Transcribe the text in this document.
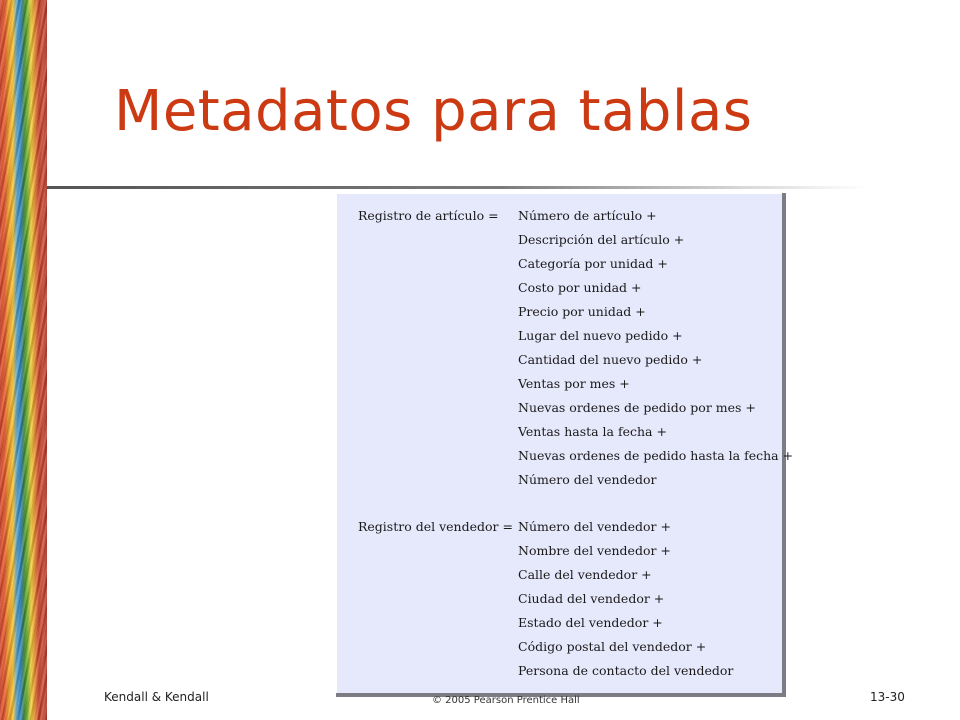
Metadatos para tablas
Registro de artículo = Número de artículo +
Descripción del artículo +
Categoría por unidad +
Costo por unidad +
Precio por unidad +
Lugar del nuevo pedido +
Cantidad del nuevo pedido +
Ventas por mes +
Nuevas ordenes de pedido por mes +
Ventas hasta la fecha +
Nuevas ordenes de pedido hasta la fecha +
Número del vendedor
Registro del vendedor = Número del vendedor +
Nombre del vendedor +
Calle del vendedor +
Ciudad del vendedor +
Estado del vendedor +
Código postal del vendedor +
Persona de contacto del vendedor
Kendall & Kendall	© 2005 Pearson Prentice Hall	13-30
